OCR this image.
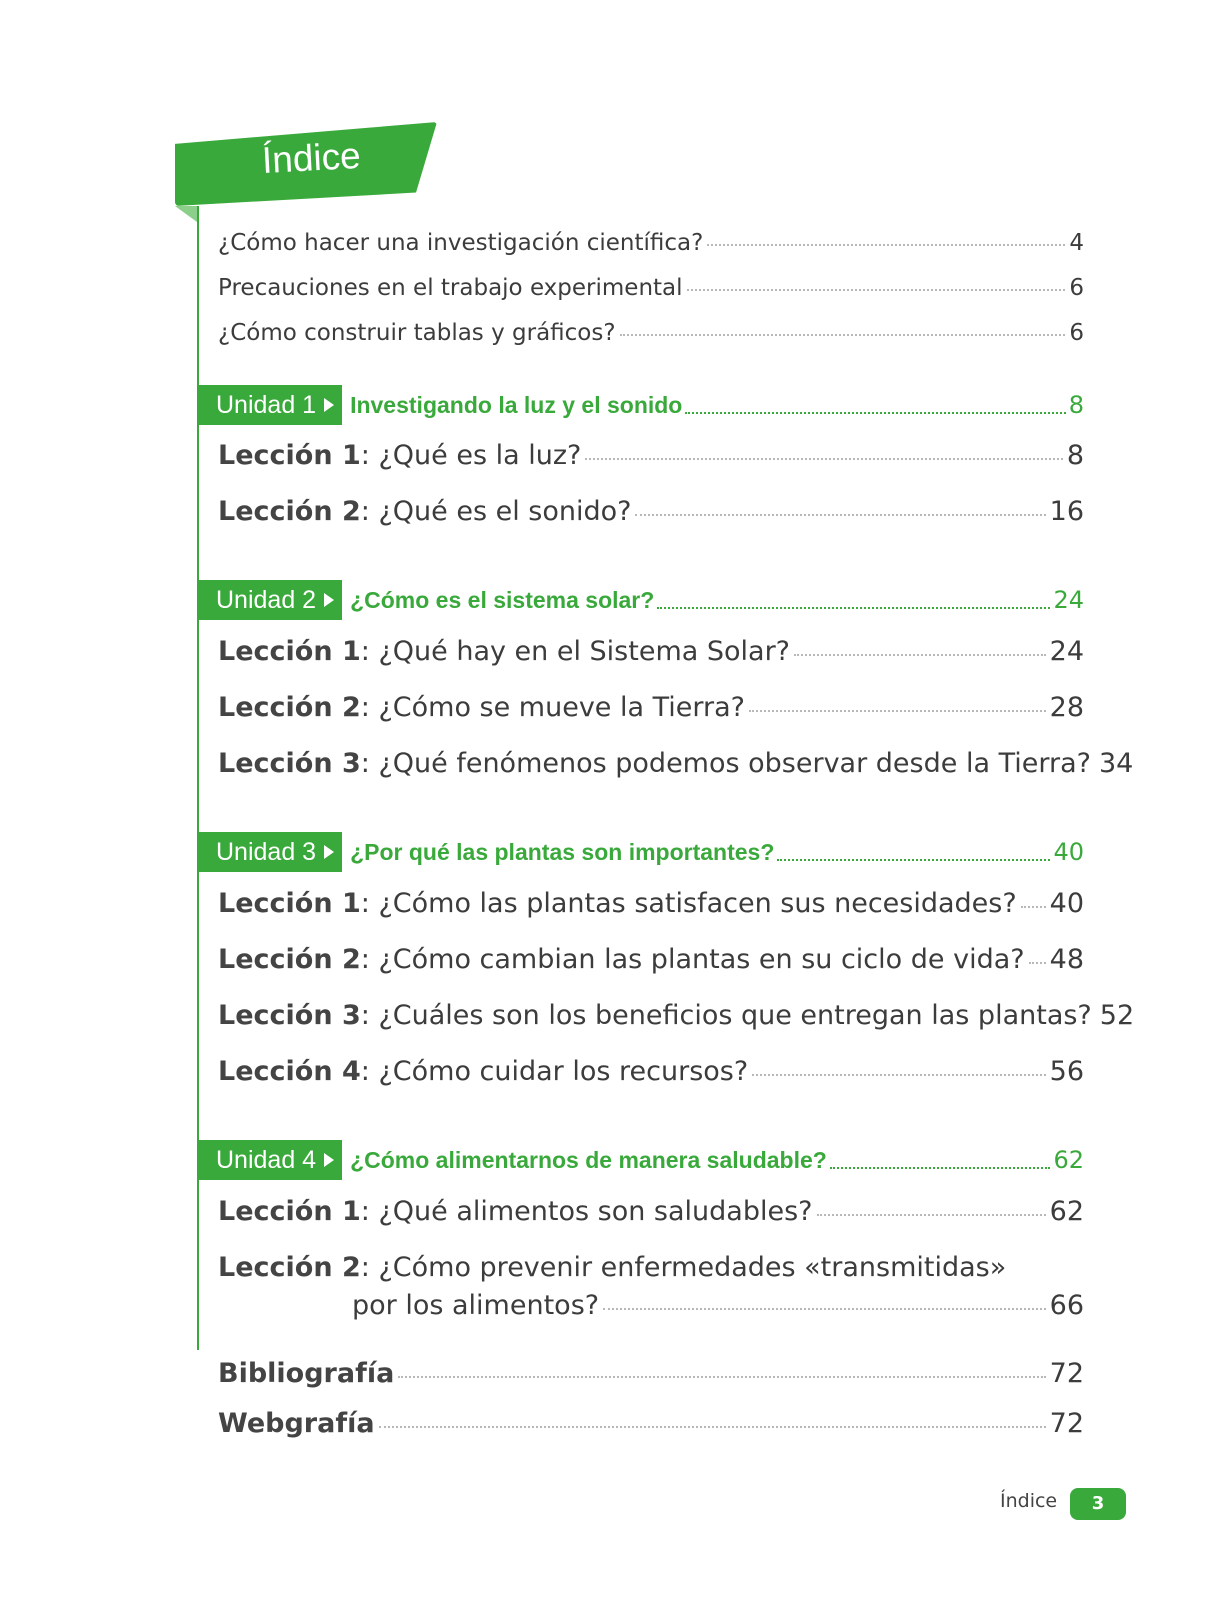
Índice
¿Cómo hacer una investigación científica?	4
Precauciones en el trabajo experimental	6
¿Cómo construir tablas y gráficos?	6
Unidad 1 Investigando la luz y el sonido	8
Lección 1: ¿Qué es la luz?	8
Lección 2: ¿Qué es el sonido?	16
Unidad 2 ¿Cómo es el sistema solar?	24
Lección 1: ¿Qué hay en el Sistema Solar?	24
Lección 2: ¿Cómo se mueve la Tierra?	28
Lección 3: ¿Qué fenómenos podemos observar desde la Tierra? 34
Unidad 3 ¿Por qué las plantas son importantes?	40
Lección 1: ¿Cómo las plantas satisfacen sus necesidades? 40
Lección 2: ¿Cómo cambian las plantas en su ciclo de vida? 48
Lección 3: ¿Cuáles son los beneficios que entregan las plantas? 52
Lección 4: ¿Cómo cuidar los recursos?	56
Unidad 4 ¿Cómo alimentarnos de manera saludable?	62
Lección 1: ¿Qué alimentos son saludables?	62
Lección 2: ¿Cómo prevenir enfermedades «transmitidas»
por los alimentos?	66
Bibliografía	72
Webgrafía	72
Índice	3
